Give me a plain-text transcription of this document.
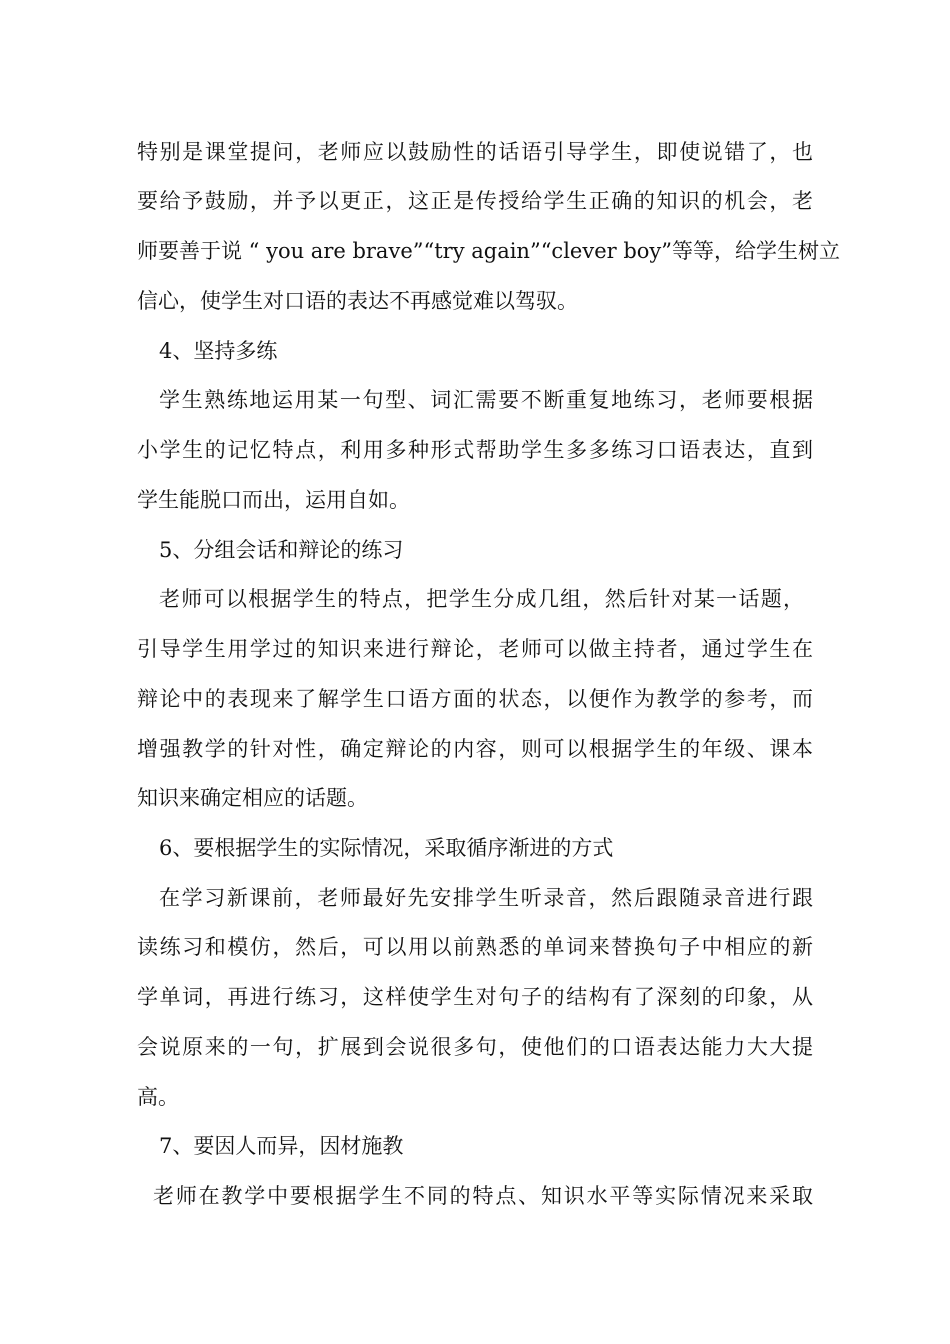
特别是课堂提问，老师应以鼓励性的话语引导学生，即使说错了，也
要给予鼓励，并予以更正，这正是传授给学生正确的知识的机会，老
师要善于说 “ you are brave”“try again”“clever boy”等等，给学生树立
信心，使学生对口语的表达不再感觉难以驾驭。
4、坚持多练
学生熟练地运用某一句型、词汇需要不断重复地练习，老师要根据
小学生的记忆特点，利用多种形式帮助学生多多练习口语表达，直到
学生能脱口而出，运用自如。
5、分组会话和辩论的练习
老师可以根据学生的特点，把学生分成几组，然后针对某一话题，
引导学生用学过的知识来进行辩论，老师可以做主持者，通过学生在
辩论中的表现来了解学生口语方面的状态，以便作为教学的参考，而
增强教学的针对性，确定辩论的内容，则可以根据学生的年级、课本
知识来确定相应的话题。
6、要根据学生的实际情况，采取循序渐进的方式
在学习新课前，老师最好先安排学生听录音，然后跟随录音进行跟
读练习和模仿，然后，可以用以前熟悉的单词来替换句子中相应的新
学单词，再进行练习，这样使学生对句子的结构有了深刻的印象，从
会说原来的一句，扩展到会说很多句，使他们的口语表达能力大大提
高。
7、要因人而异，因材施教
老师在教学中要根据学生不同的特点、知识水平等实际情况来采取
